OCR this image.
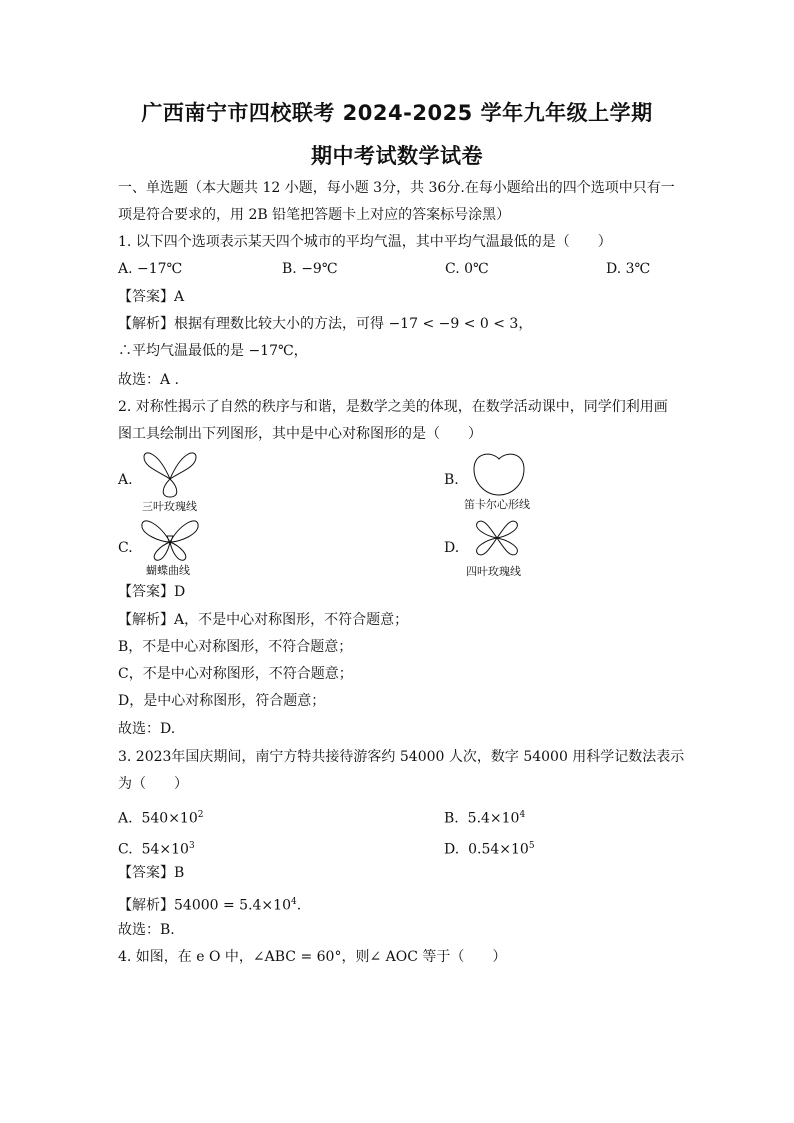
广西南宁市四校联考 2024-2025 学年九年级上学期
期中考试数学试卷
一、单选题（本大题共 12 小题，每小题 3分，共 36分.在每小题给出的四个选项中只有一
项是符合要求的，用 2B 铅笔把答题卡上对应的答案标号涂黑）
1. 以下四个选项表示某天四个城市的平均气温，其中平均气温最低的是（　　）
A. −17℃	B. −9℃	C. 0℃	D. 3℃
【答案】A
【解析】根据有理数比较大小的方法，可得 −17 < −9 < 0 < 3，
∴平均气温最低的是 −17℃，
故选：A .
2. 对称性揭示了自然的秩序与和谐，是数学之美的体现，在数学活动课中，同学们利用画
图工具绘制出下列图形，其中是中心对称图形的是（　　）
A.
三叶玫瑰线
B.
笛卡尔心形线
C.
蝴蝶曲线
D.
四叶玫瑰线
【答案】D
【解析】A，不是中心对称图形，不符合题意；
B，不是中心对称图形，不符合题意；
C，不是中心对称图形，不符合题意；
D，是中心对称图形，符合题意；
故选：D.
3. 2023年国庆期间，南宁方特共接待游客约 54000 人次，数字 54000 用科学记数法表示
为（　　）
A. $540\times 10^2$	B. $5.4\times 10^4$
C. $54\times 10^3$	D. $0.54\times 10^5$
【答案】B
【解析】$54000 = 5.4\times 10^4$.
故选：B.
4. 如图，在 e O 中，∠ABC = 60°，则∠ AOC 等于（　　）
